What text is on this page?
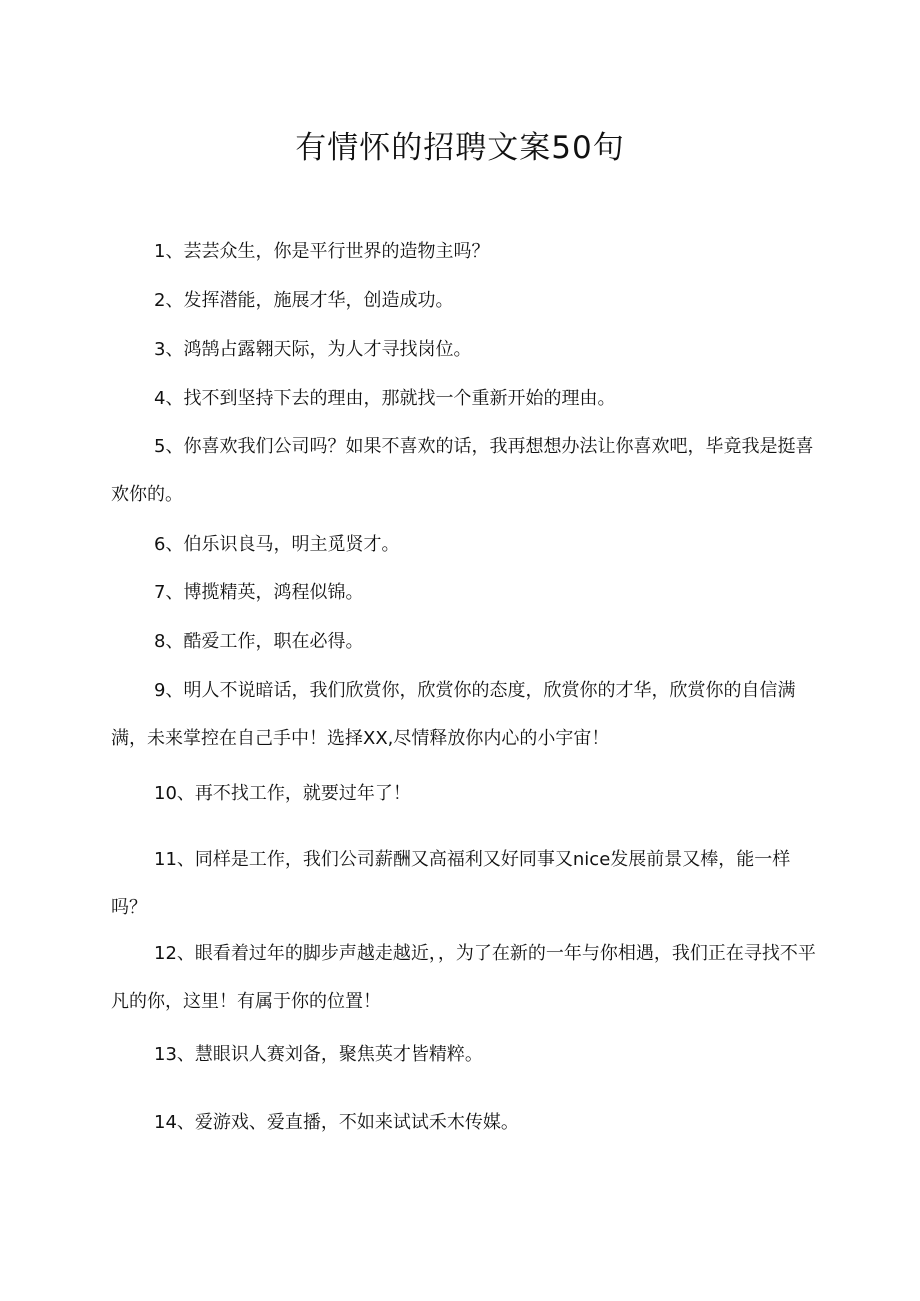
有情怀的招聘文案50句

1、芸芸众生，你是平行世界的造物主吗？

2、发挥潜能，施展才华，创造成功。

3、鸿鹄占露翱天际，为人才寻找岗位。

4、找不到坚持下去的理由，那就找一个重新开始的理由。

5、你喜欢我们公司吗？如果不喜欢的话，我再想想办法让你喜欢吧，毕竟我是挺喜欢你的。

6、伯乐识良马，明主觅贤才。

7、博揽精英，鸿程似锦。

8、酷爱工作，职在必得。

9、明人不说暗话，我们欣赏你，欣赏你的态度，欣赏你的才华，欣赏你的自信满满，未来掌控在自己手中！选择XX,尽情释放你内心的小宇宙！

10、再不找工作，就要过年了！

11、同样是工作，我们公司薪酬又高福利又好同事又nice发展前景又棒，能一样吗？

12、眼看着过年的脚步声越走越近，，为了在新的一年与你相遇，我们正在寻找不平凡的你，这里！有属于你的位置！

13、慧眼识人赛刘备，聚焦英才皆精粹。

14、爱游戏、爱直播，不如来试试禾木传媒。
